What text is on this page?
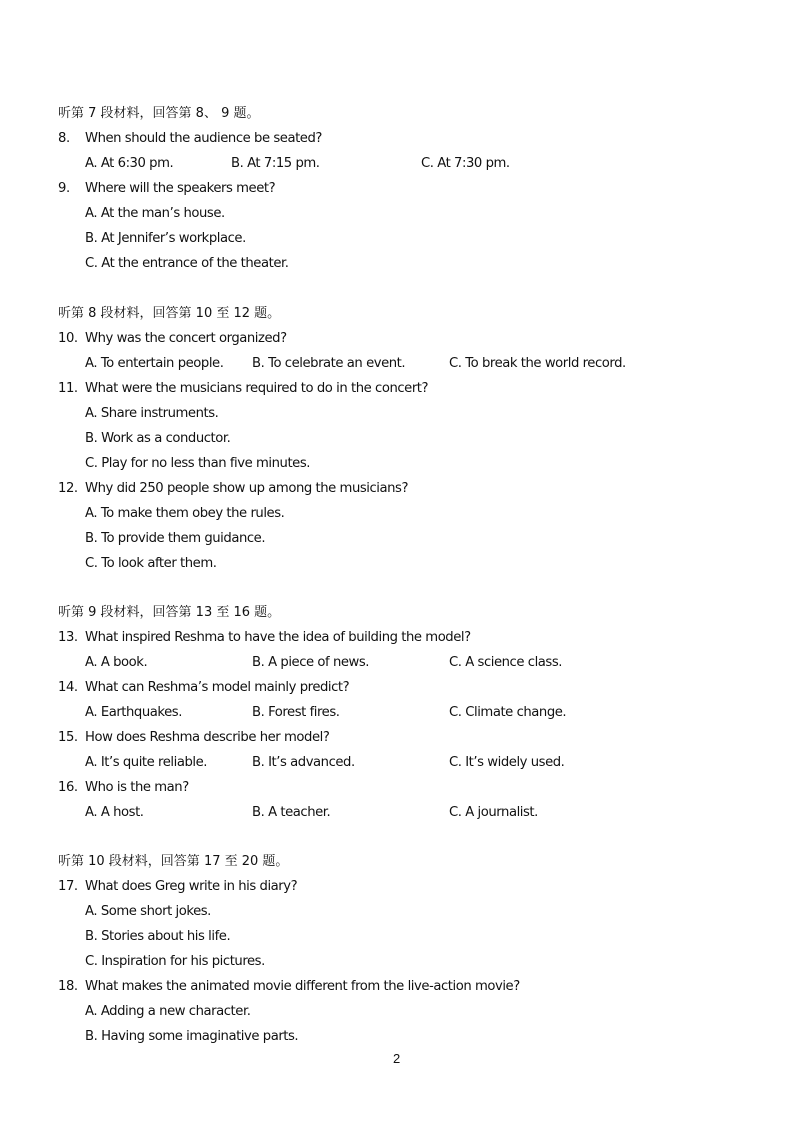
听第 7 段材料，回答第 8、 9 题。
8. When should the audience be seated?
A. At 6:30 pm.	B. At 7:15 pm.	C. At 7:30 pm.
9. Where will the speakers meet?
A. At the man’s house.
B. At Jennifer’s workplace.
C. At the entrance of the theater.
听第 8 段材料，回答第 10 至 12 题。
10. Why was the concert organized?
A. To entertain people. B. To celebrate an event.	C. To break the world record.
11. What were the musicians required to do in the concert?
A. Share instruments.
B. Work as a conductor.
C. Play for no less than five minutes.
12. Why did 250 people show up among the musicians?
A. To make them obey the rules.
B. To provide them guidance.
C. To look after them.
听第 9 段材料，回答第 13 至 16 题。
13. What inspired Reshma to have the idea of building the model?
A. A book.	B. A piece of news.	C. A science class.
14. What can Reshma’s model mainly predict?
A. Earthquakes.	B. Forest fires.	C. Climate change.
15. How does Reshma describe her model?
A. It’s quite reliable.	B. It’s advanced.	C. It’s widely used.
16. Who is the man?
A. A host.	B. A teacher.	C. A journalist.
听第 10 段材料，回答第 17 至 20 题。
17. What does Greg write in his diary?
A. Some short jokes.
B. Stories about his life.
C. Inspiration for his pictures.
18. What makes the animated movie different from the live-action movie?
A. Adding a new character.
B. Having some imaginative parts.
2
